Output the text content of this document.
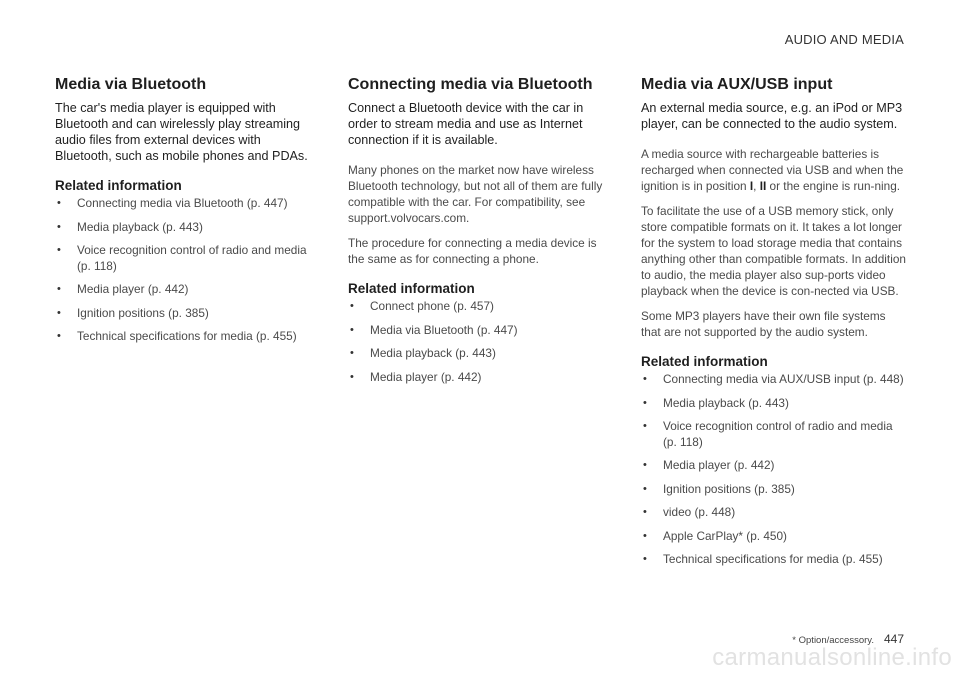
AUDIO AND MEDIA
Media via Bluetooth

The car's media player is equipped with Bluetooth and can wirelessly play streaming audio files from external devices with Bluetooth, such as mobile phones and PDAs.

Related information
• Connecting media via Bluetooth (p. 447)
• Media playback (p. 443)
• Voice recognition control of radio and media (p. 118)
• Media player (p. 442)
• Ignition positions (p. 385)
• Technical specifications for media (p. 455)
Connecting media via Bluetooth

Connect a Bluetooth device with the car in order to stream media and use as Internet connection if it is available.

Many phones on the market now have wireless Bluetooth technology, but not all of them are fully compatible with the car. For compatibility, see support.volvocars.com.

The procedure for connecting a media device is the same as for connecting a phone.

Related information
• Connect phone (p. 457)
• Media via Bluetooth (p. 447)
• Media playback (p. 443)
• Media player (p. 442)
Media via AUX/USB input

An external media source, e.g. an iPod or MP3 player, can be connected to the audio system.

A media source with rechargeable batteries is recharged when connected via USB and when the ignition is in position I, II or the engine is run-ning.

To facilitate the use of a USB memory stick, only store compatible formats on it. It takes a lot longer for the system to load storage media that contains anything other than compatible formats. In addition to audio, the media player also sup-ports video playback when the device is con-nected via USB.

Some MP3 players have their own file systems that are not supported by the audio system.

Related information
• Connecting media via AUX/USB input (p. 448)
• Media playback (p. 443)
• Voice recognition control of radio and media (p. 118)
• Media player (p. 442)
• Ignition positions (p. 385)
• video (p. 448)
• Apple CarPlay* (p. 450)
• Technical specifications for media (p. 455)
* Option/accessory. 447
carmanualsonline.info
